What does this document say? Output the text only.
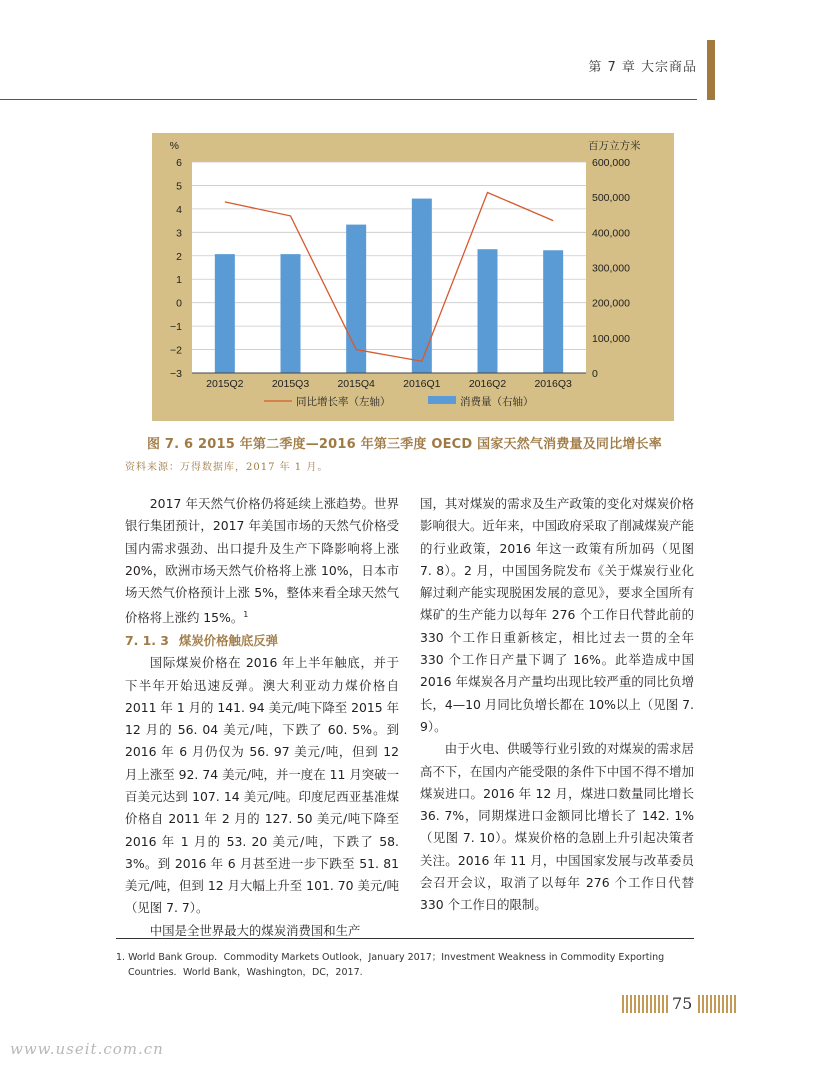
第 7 章 大宗商品
6
5
4
3
2
1
0
−1
−2
−3
600,000
500,000
400,000
300,000
200,000
100,000
0
%	百万立方米
2015Q2	2015Q3	2015Q4	2016Q1	2016Q2	2016Q3
同比增长率（左轴）	消费量（右轴）
图 7. 6 2015 年第二季度—2016 年第三季度 OECD 国家天然气消费量及同比增长率
资料来源：万得数据库，2017 年 1 月。

2017 年天然气价格仍将延续上涨趋势。世界银行集团预计，2017 年美国市场的天然气价格受国内需求强劲、出口提升及生产下降影响将上涨 20%，欧洲市场天然气价格将上涨 10%，日本市场天然气价格预计上涨 5%，整体来看全球天然气价格将上涨约 15%。$^1$

7. 1. 3 煤炭价格触底反弹

国际煤炭价格在 2016 年上半年触底，并于下半年开始迅速反弹。澳大利亚动力煤价格自 2011 年 1 月的 141. 94 美元/吨下降至 2015 年 12 月的 56. 04 美元/吨，下跌了 60. 5%。到 2016 年 6 月仍仅为 56. 97 美元/吨，但到 12 月上涨至 92. 74 美元/吨，并一度在 11 月突破一百美元达到 107. 14 美元/吨。印度尼西亚基准煤价格自 2011 年 2 月的 127. 50 美元/吨下降至 2016 年 1 月的 53. 20 美元/吨，下跌了 58. 3%。到 2016 年 6 月甚至进一步下跌至 51. 81 美元/吨，但到 12 月大幅上升至 101. 70 美元/吨（见图 7. 7）。

中国是全世界最大的煤炭消费国和生产

国，其对煤炭的需求及生产政策的变化对煤炭价格影响很大。近年来，中国政府采取了削减煤炭产能的行业政策，2016 年这一政策有所加码（见图 7. 8）。2 月，中国国务院发布《关于煤炭行业化解过剩产能实现脱困发展的意见》，要求全国所有煤矿的生产能力以每年 276 个工作日代替此前的 330 个工作日重新核定，相比过去一贯的全年 330 个工作日产量下调了 16%。此举造成中国 2016 年煤炭各月产量均出现比较严重的同比负增长，4—10 月同比负增长都在 10%以上（见图 7. 9）。

由于火电、供暖等行业引致的对煤炭的需求居高不下，在国内产能受限的条件下中国不得不增加煤炭进口。2016 年 12 月，煤进口数量同比增长 36. 7%，同期煤进口金额同比增长了 142. 1%（见图 7. 10）。煤炭价格的急剧上升引起决策者关注。2016 年 11 月，中国国家发展与改革委员会召开会议，取消了以每年 276 个工作日代替 330 个工作日的限制。

1. World Bank Group．Commodity Markets Outlook，January 2017；Investment Weakness in Commodity Exporting Countries．World Bank，Washington，DC，2017.
75
www.useit.com.cn
